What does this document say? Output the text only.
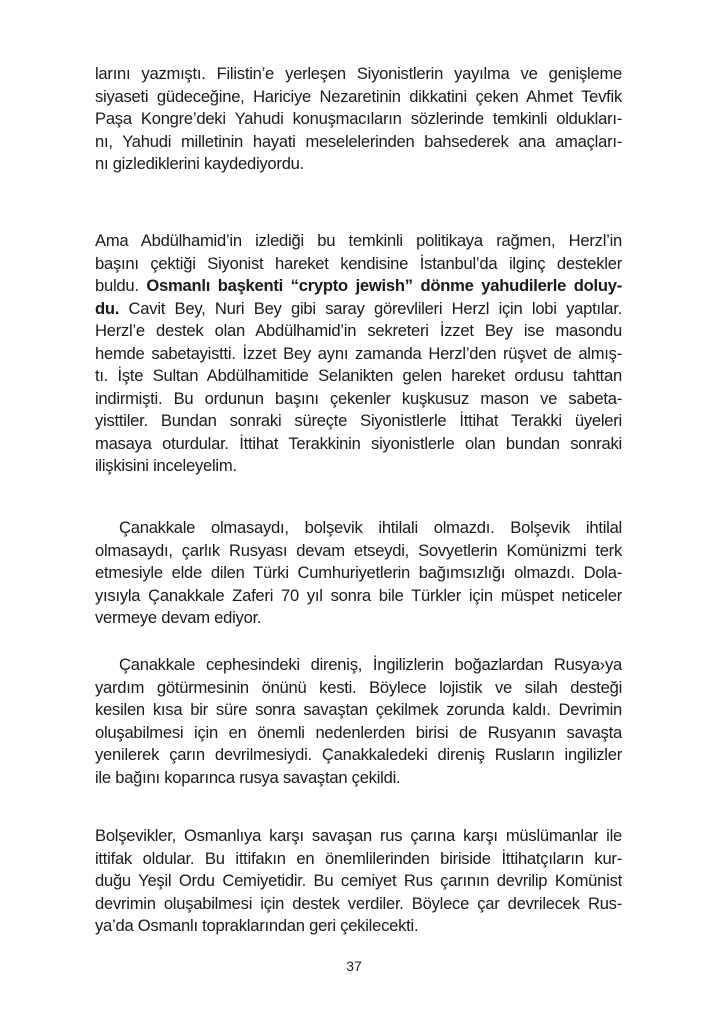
larını yazmıştı. Filistin’e yerleşen Siyonistlerin yayılma ve genişleme
siyaseti güdeceğine, Hariciye Nezaretinin dikkatini çeken Ahmet Tevfik
Paşa Kongre’deki Yahudi konuşmacıların sözlerinde temkinli oldukları-
nı, Yahudi milletinin hayati meselelerinden bahsederek ana amaçları-
nı gizlediklerini kaydediyordu.
Ama Abdülhamid’in izlediği bu temkinli politikaya rağmen, Herzl’in
başını çektiği Siyonist hareket kendisine İstanbul’da ilginç destekler
buldu. Osmanlı başkenti “crypto jewish” dönme yahudilerle doluy-
du. Cavit Bey, Nuri Bey gibi saray görevlileri Herzl için lobi yaptılar.
Herzl’e destek olan Abdülhamid’in sekreteri İzzet Bey ise masondu
hemde sabetayistti. İzzet Bey aynı zamanda Herzl’den rüşvet de almış-
tı. İşte Sultan Abdülhamitide Selanikten gelen hareket ordusu tahttan
indirmişti. Bu ordunun başını çekenler kuşkusuz mason ve sabeta-
yisttiler. Bundan sonraki süreçte Siyonistlerle İttihat Terakki üyeleri
masaya oturdular. İttihat Terakkinin siyonistlerle olan bundan sonraki
ilişkisini inceleyelim.
Çanakkale olmasaydı, bolşevik ihtilali olmazdı. Bolşevik ihtilal
olmasaydı, çarlık Rusyası devam etseydi, Sovyetlerin Komünizmi terk
etmesiyle elde dilen Türki Cumhuriyetlerin bağımsızlığı olmazdı. Dola-
yısıyla Çanakkale Zaferi 70 yıl sonra bile Türkler için müspet neticeler
vermeye devam ediyor.
Çanakkale cephesindeki direniş, İngilizlerin boğazlardan Rusya›ya
yardım götürmesinin önünü kesti. Böylece lojistik ve silah desteği
kesilen kısa bir süre sonra savaştan çekilmek zorunda kaldı. Devrimin
oluşabilmesi için en önemli nedenlerden birisi de Rusyanın savaşta
yenilerek çarın devrilmesiydi. Çanakkaledeki direniş Rusların ingilizler
ile bağını koparınca rusya savaştan çekildi.
Bolşevikler, Osmanlıya karşı savaşan rus çarına karşı müslümanlar ile
ittifak oldular. Bu ittifakın en önemlilerinden biriside İttihatçıların kur-
duğu Yeşil Ordu Cemiyetidir. Bu cemiyet Rus çarının devrilip Komünist
devrimin oluşabilmesi için destek verdiler. Böylece çar devrilecek Rus-
ya’da Osmanlı topraklarından geri çekilecekti.
37
